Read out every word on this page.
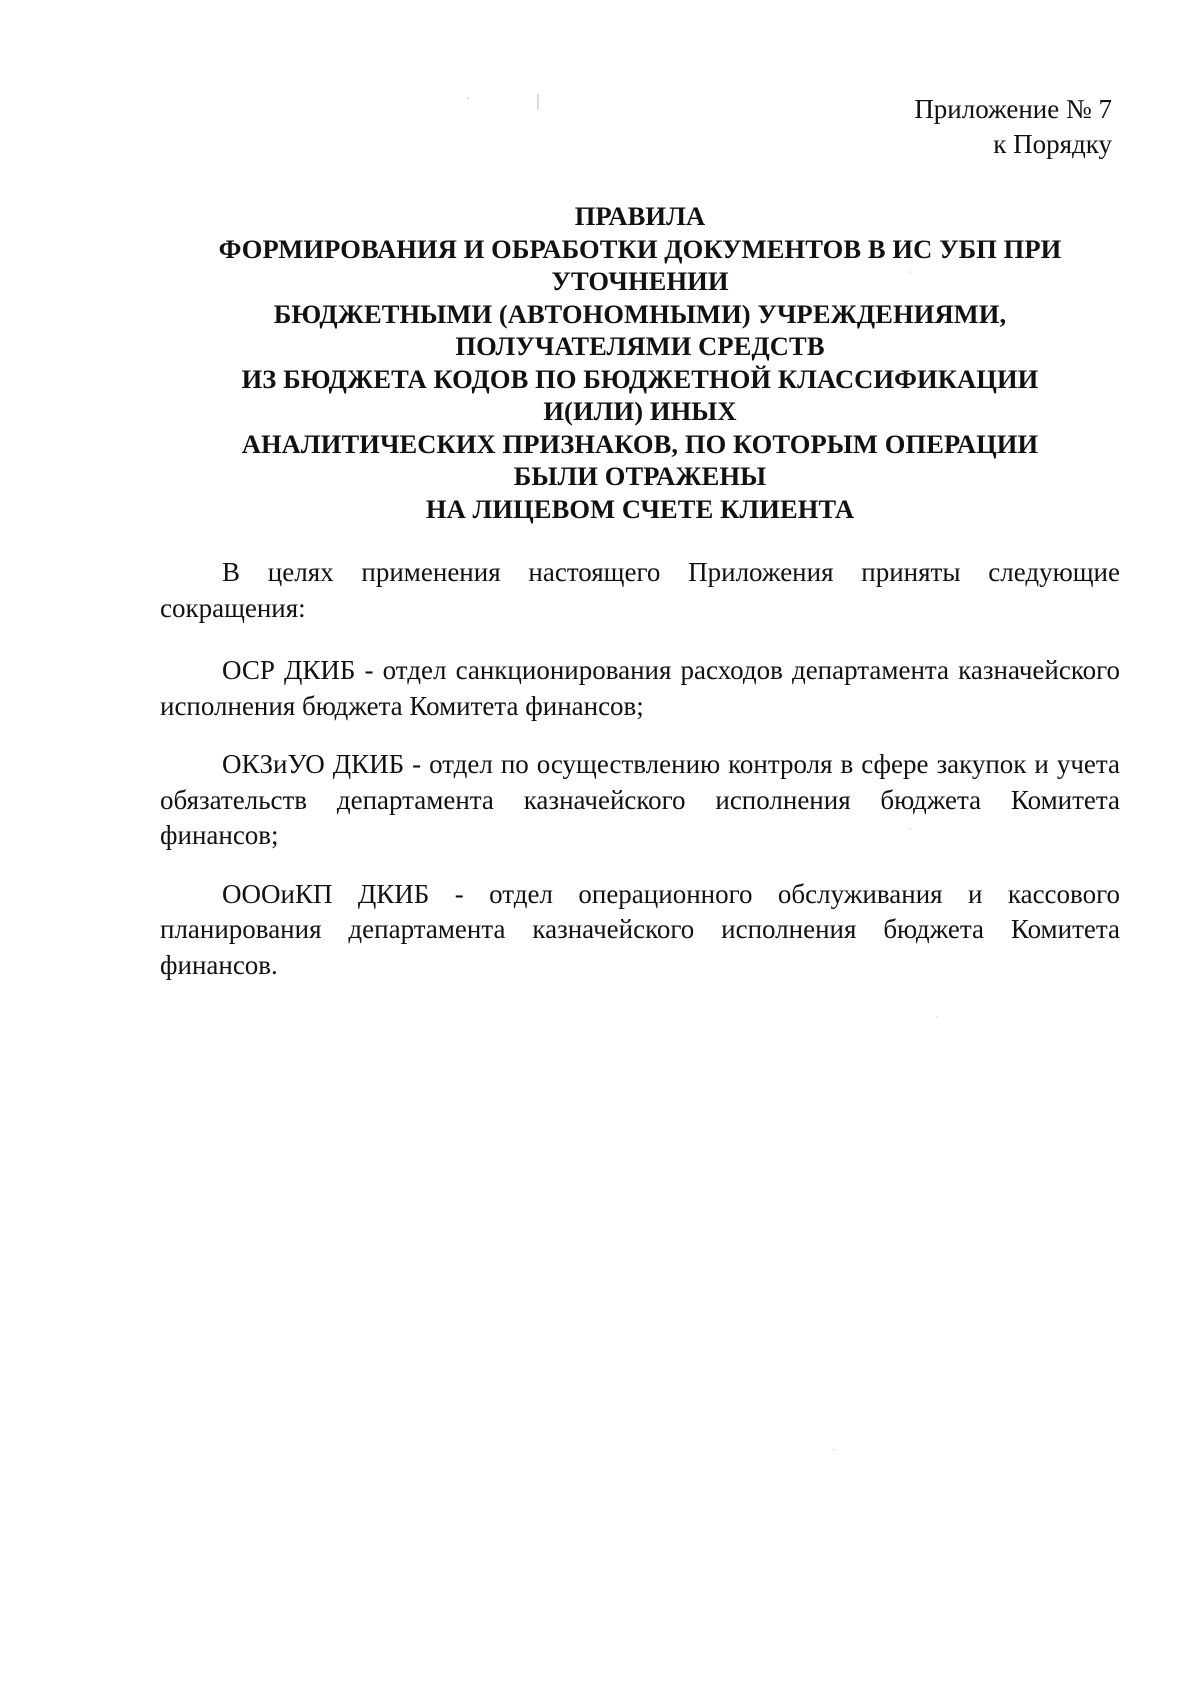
Приложение № 7
к Порядку
ПРАВИЛА
ФОРМИРОВАНИЯ И ОБРАБОТКИ ДОКУМЕНТОВ В ИС УБП ПРИ
УТОЧНЕНИИ
БЮДЖЕТНЫМИ (АВТОНОМНЫМИ) УЧРЕЖДЕНИЯМИ,
ПОЛУЧАТЕЛЯМИ СРЕДСТВ
ИЗ БЮДЖЕТА КОДОВ ПО БЮДЖЕТНОЙ КЛАССИФИКАЦИИ
И(ИЛИ) ИНЫХ
АНАЛИТИЧЕСКИХ ПРИЗНАКОВ, ПО КОТОРЫМ ОПЕРАЦИИ
БЫЛИ ОТРАЖЕНЫ
НА ЛИЦЕВОМ СЧЕТЕ КЛИЕНТА

В целях применения настоящего Приложения приняты следующие сокращения:

ОСР ДКИБ - отдел санкционирования расходов департамента казначейского исполнения бюджета Комитета финансов;

ОКЗиУО ДКИБ - отдел по осуществлению контроля в сфере закупок и учета обязательств департамента казначейского исполнения бюджета Комитета финансов;

ОООиКП ДКИБ - отдел операционного обслуживания и кассового планирования департамента казначейского исполнения бюджета Комитета финансов.
